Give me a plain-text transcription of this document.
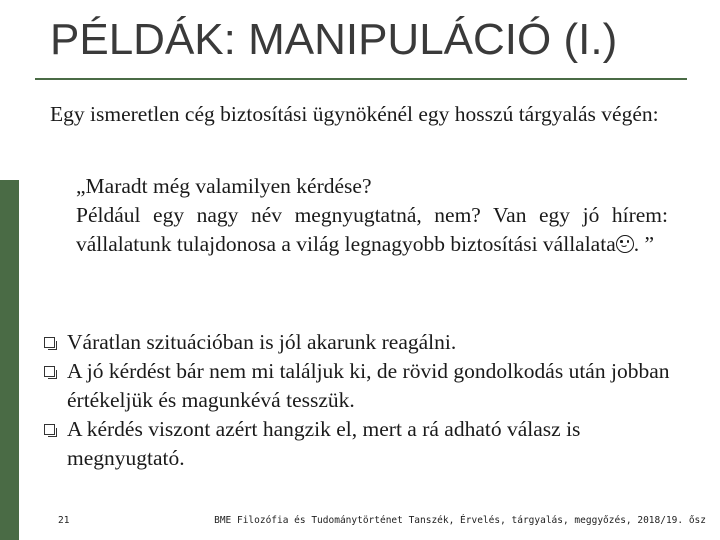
PÉLDÁK: MANIPULÁCIÓ (I.)

Egy ismeretlen cég biztosítási ügynökénél egy hosszú tárgyalás végén:

„Maradt még valamilyen kérdése?

Például egy nagy név megnyugtatná, nem? Van egy jó hírem: vállalatunk tulajdonosa a világ legnagyobb biztosítási vállalata . ”

Váratlan szituációban is jól akarunk reagálni.
A jó kérdést bár nem mi találjuk ki, de rövid gondolkodás után jobban értékeljük és magunkévá tesszük.
A kérdés viszont azért hangzik el, mert a rá adható válasz is megnyugtató.
21	BME Filozófia és Tudománytörténet Tanszék, Érvelés, tárgyalás, meggyőzés, 2018/19. ősz
